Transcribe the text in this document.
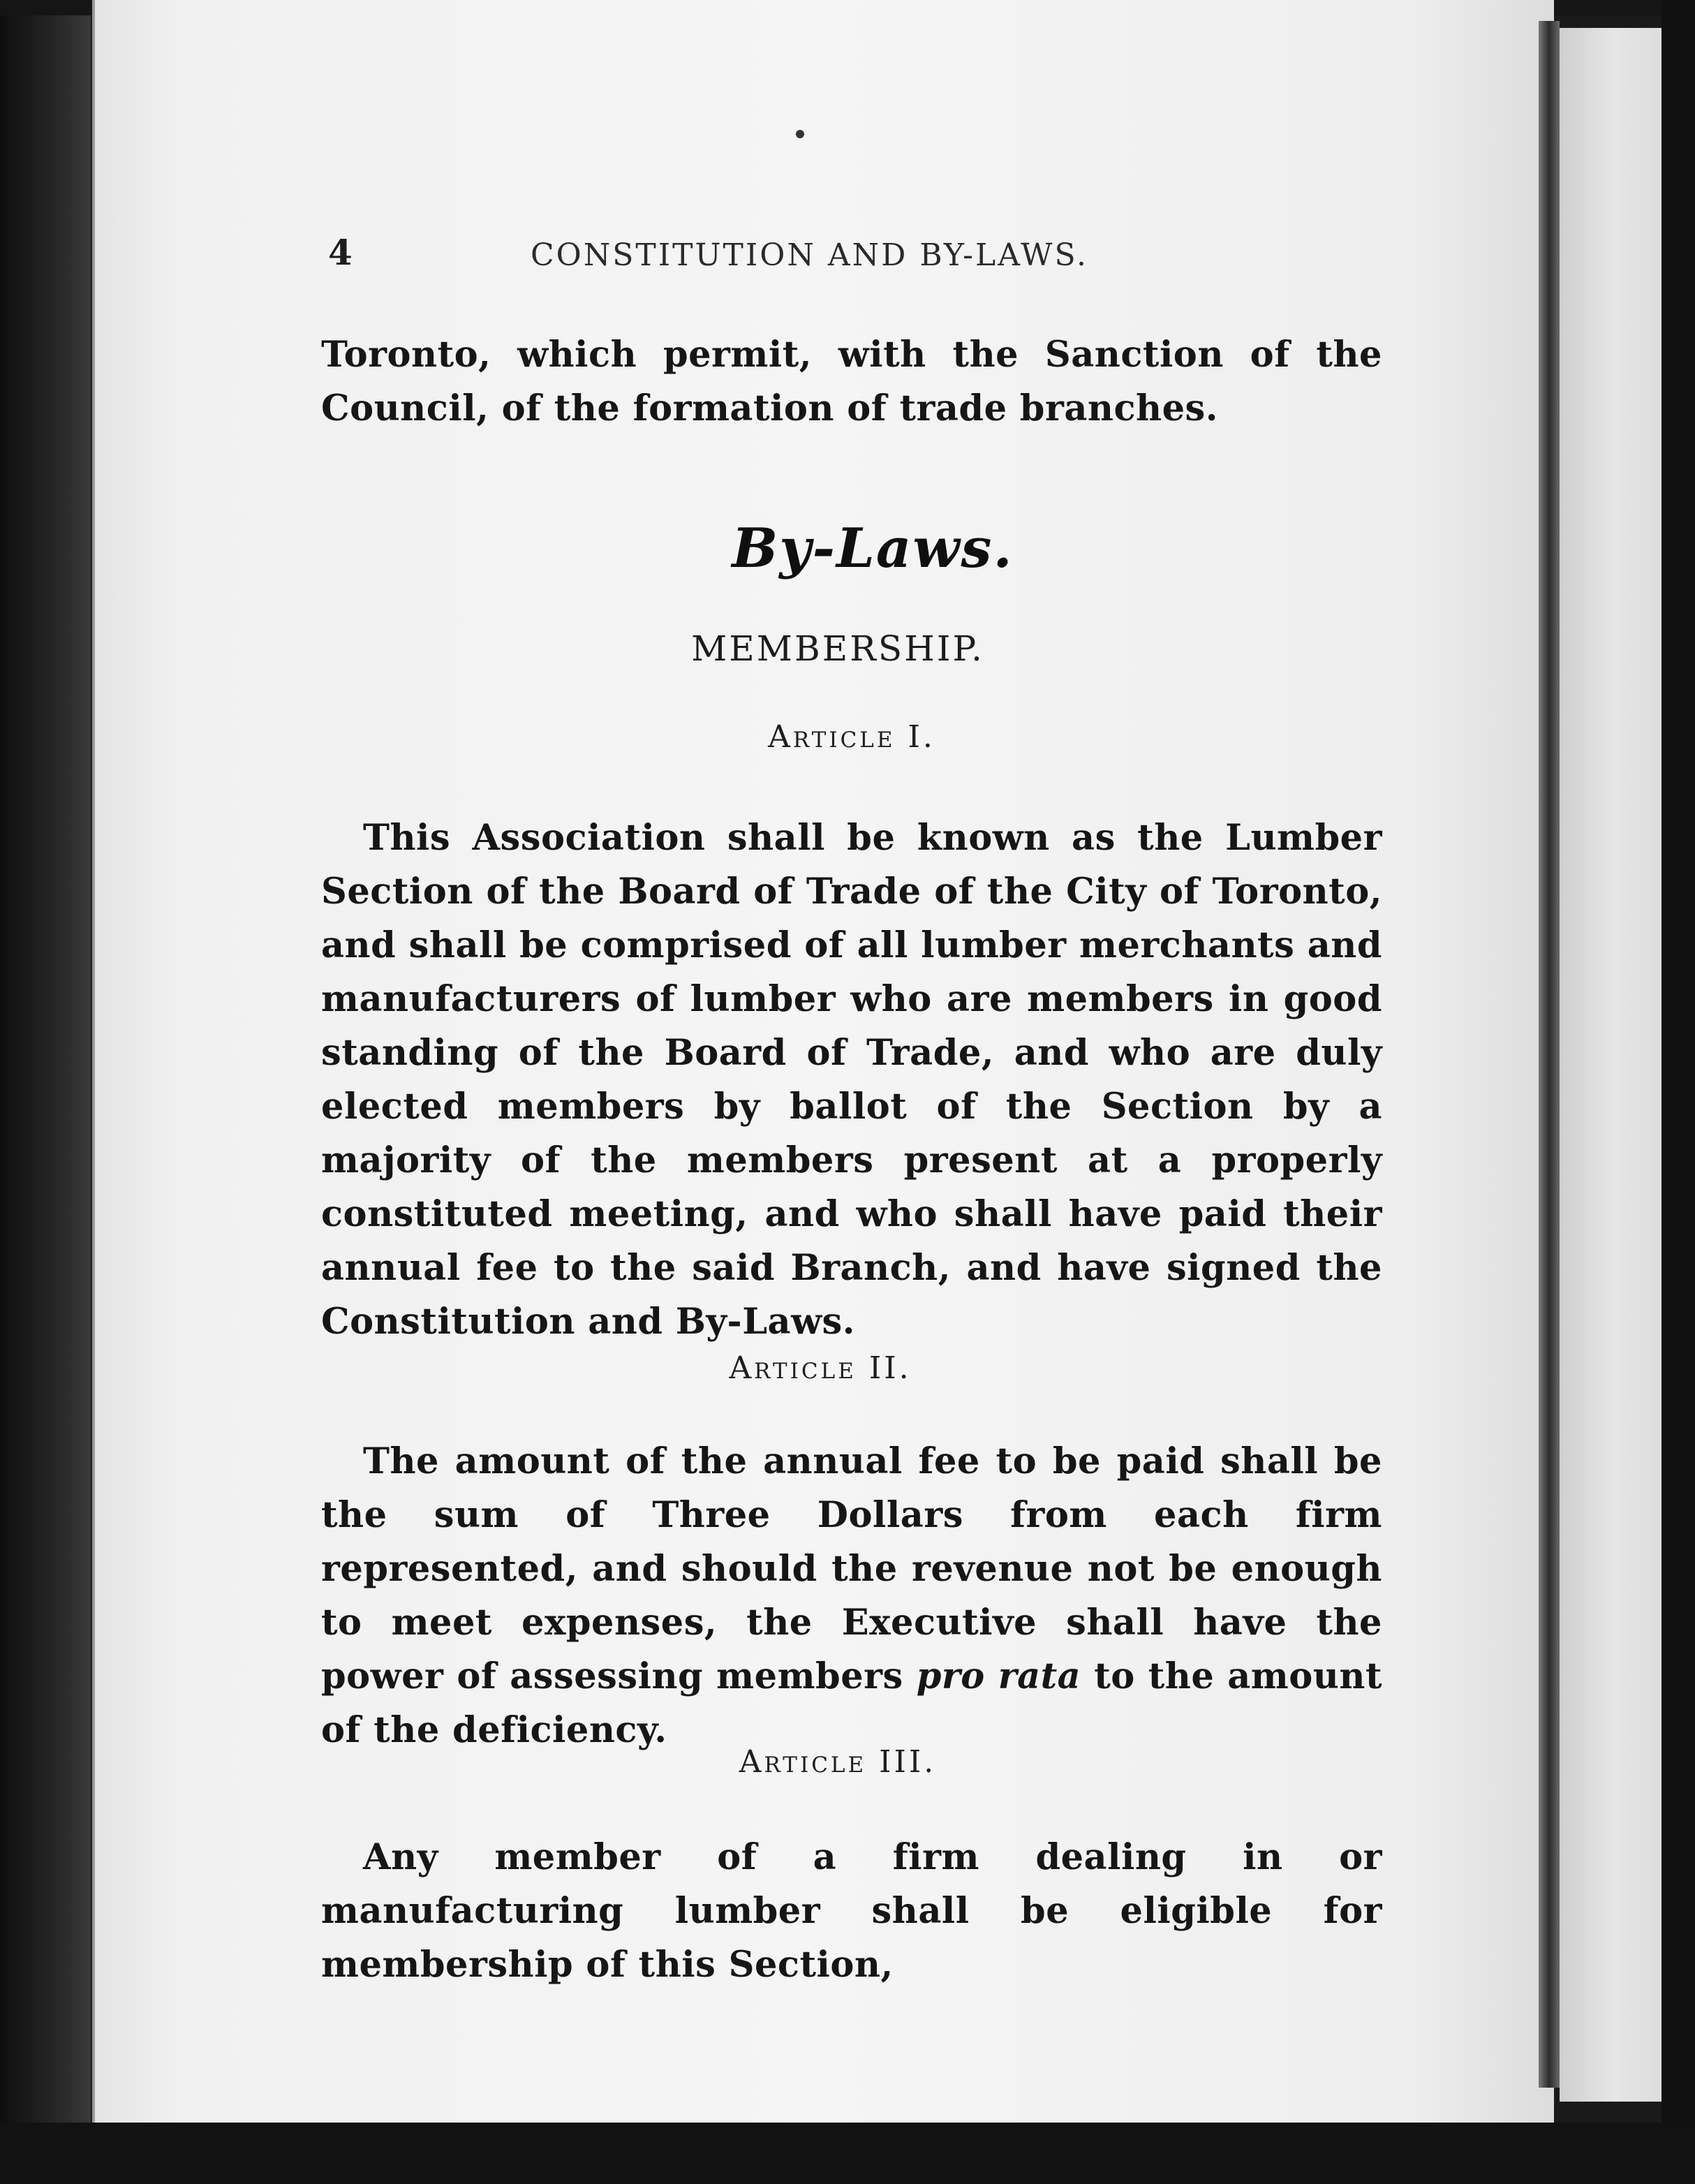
4	CONSTITUTION AND BY-LAWS.
Toronto, which permit, with the Sanction of the Council, of the formation of trade branches.
By-Laws.
MEMBERSHIP.
Article I.
This Association shall be known as the Lumber Section of the Board of Trade of the City of Toronto, and shall be comprised of all lumber merchants and manufacturers of lumber who are members in good standing of the Board of Trade, and who are duly elected members by ballot of the Section by a majority of the members present at a properly constituted meeting, and who shall have paid their annual fee to the said Branch, and have signed the Constitution and By-Laws.
Article II.
The amount of the annual fee to be paid shall be the sum of Three Dollars from each firm represented, and should the revenue not be enough to meet expenses, the Executive shall have the power of assessing members pro rata to the amount of the deficiency.
Article III.
Any member of a firm dealing in or manufacturing lumber shall be eligible for membership of this Section,
